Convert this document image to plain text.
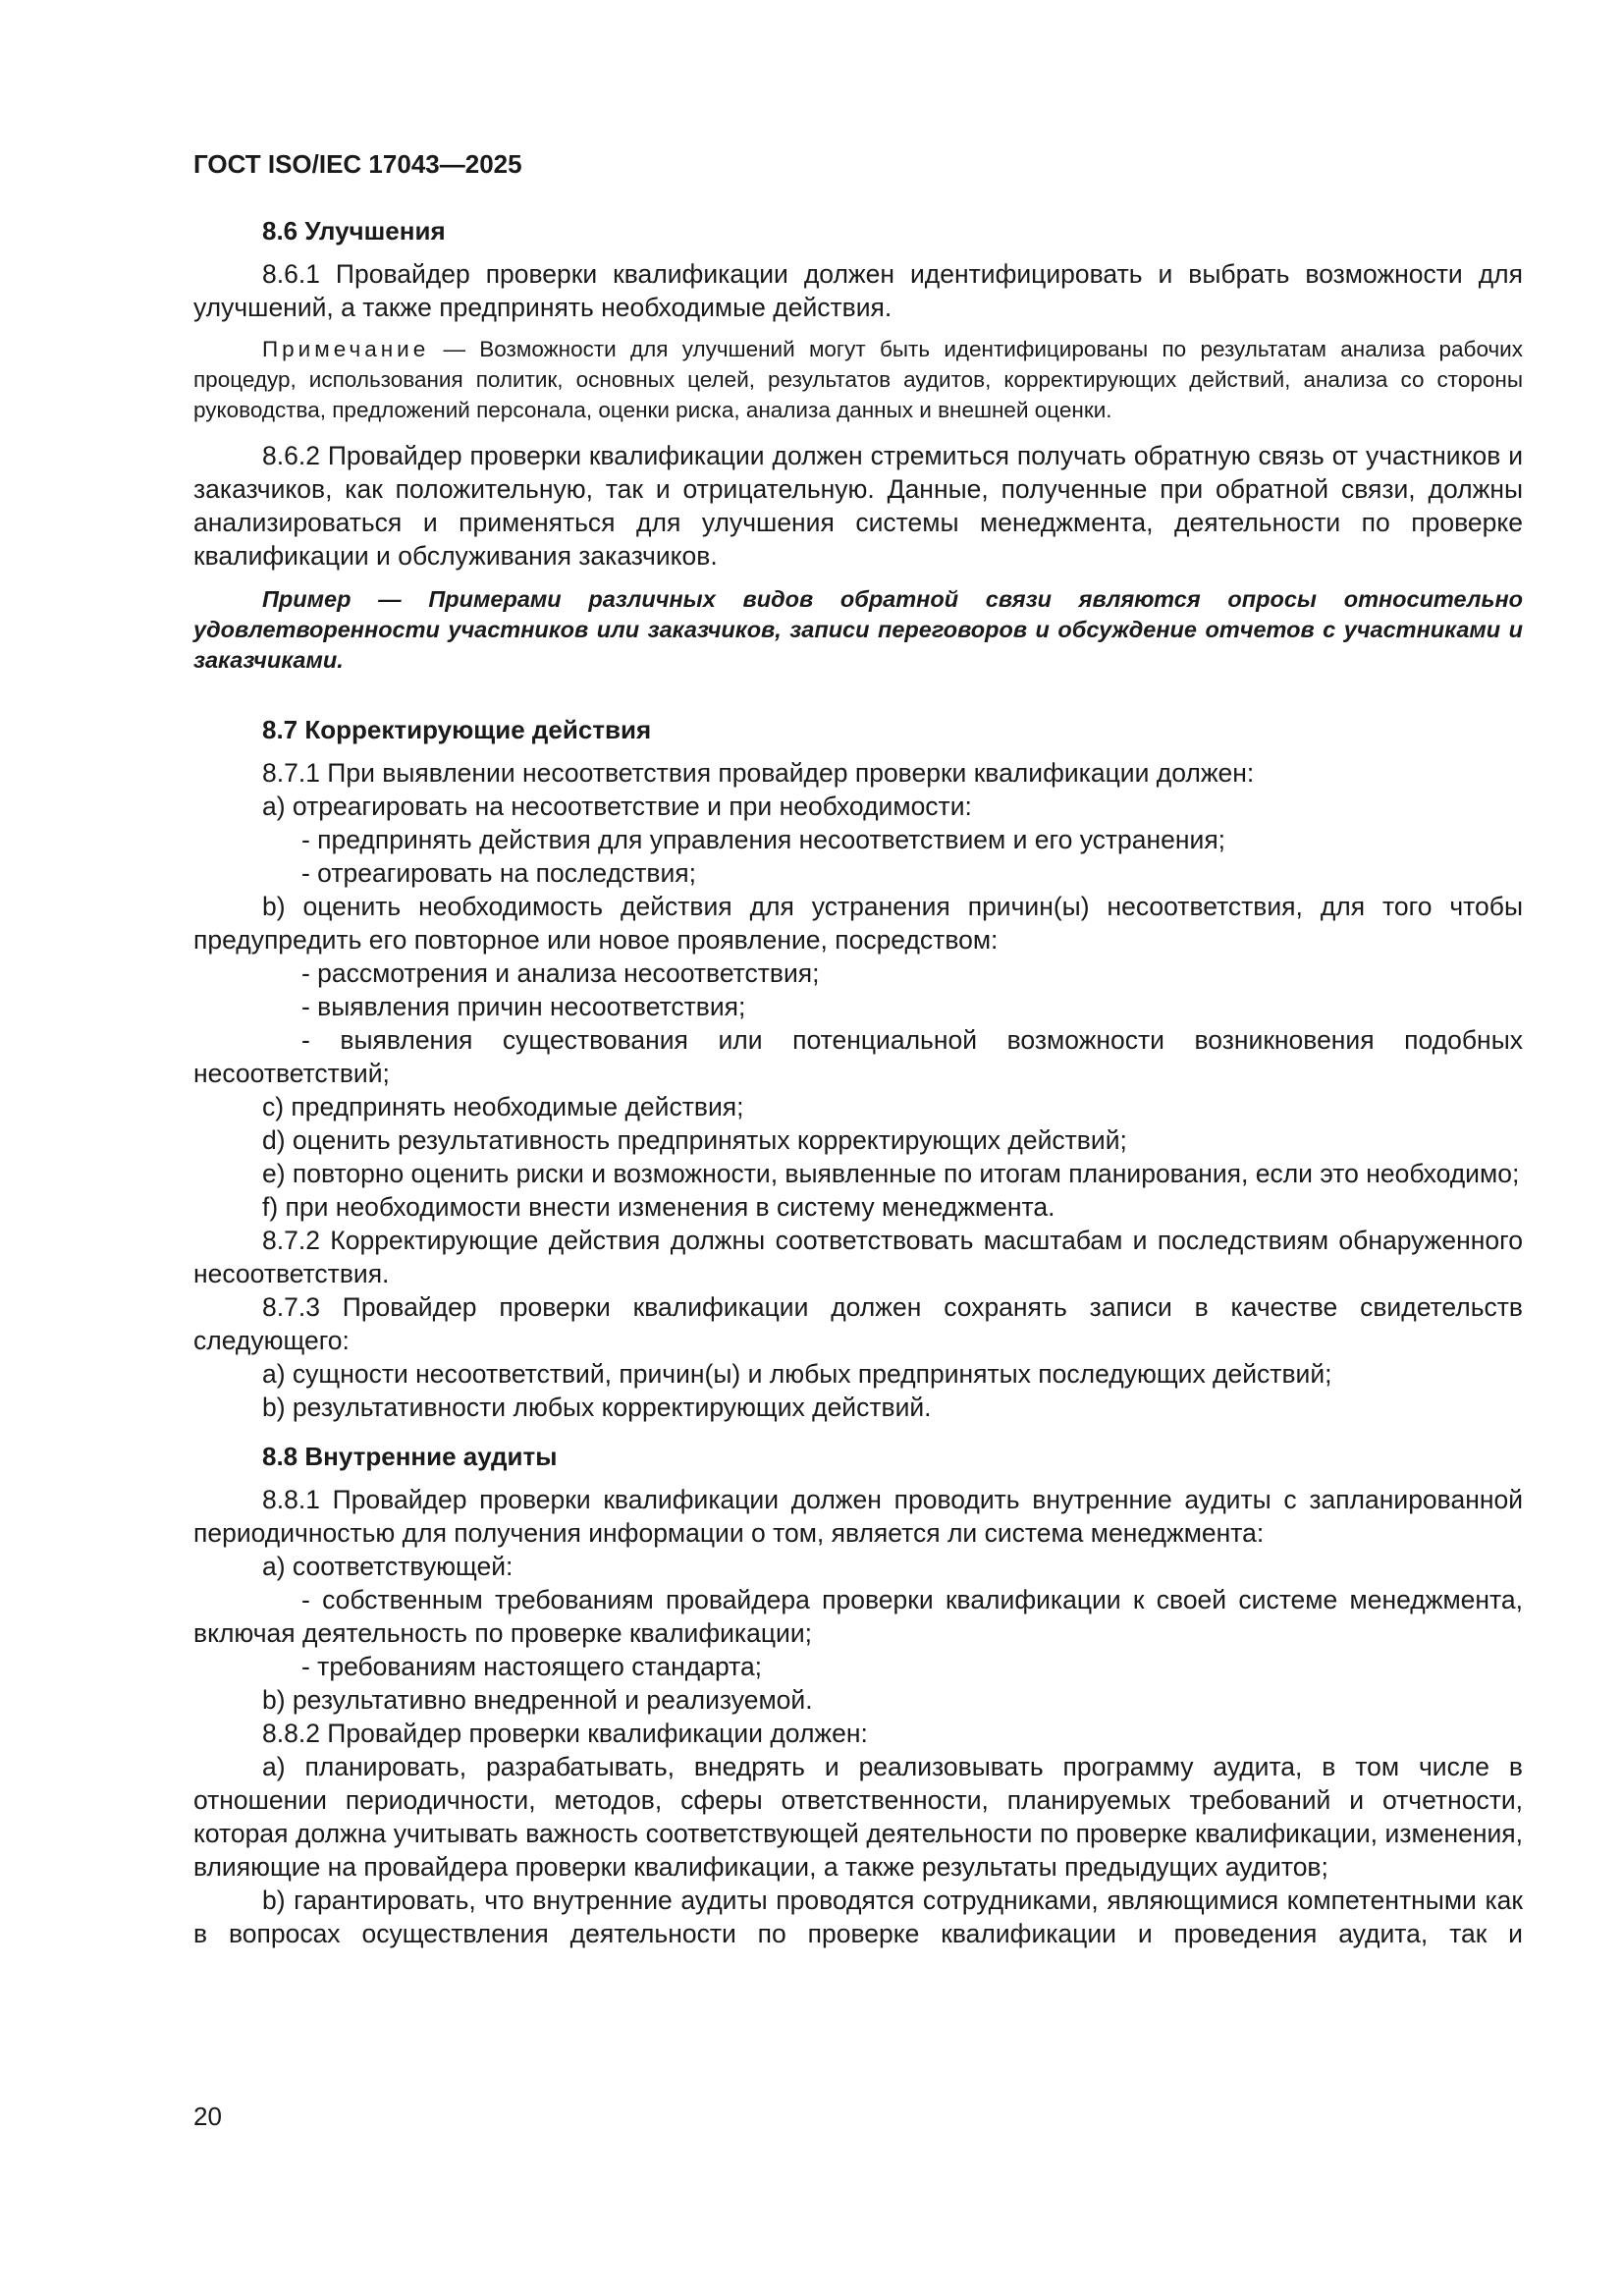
ГОСТ ISO/IEC 17043—2025
8.6 Улучшения

8.6.1 Провайдер проверки квалификации должен идентифицировать и выбрать возможности для улучшений, а также предпринять необходимые действия.

Примечание — Возможности для улучшений могут быть идентифицированы по результатам анализа рабочих процедур, использования политик, основных целей, результатов аудитов, корректирующих действий, анализа со стороны руководства, предложений персонала, оценки риска, анализа данных и внешней оценки.

8.6.2 Провайдер проверки квалификации должен стремиться получать обратную связь от участников и заказчиков, как положительную, так и отрицательную. Данные, полученные при обратной связи, должны анализироваться и применяться для улучшения системы менеджмента, деятельности по проверке квалификации и обслуживания заказчиков.

Пример — Примерами различных видов обратной связи являются опросы относительно удовлетворенности участников или заказчиков, записи переговоров и обсуждение отчетов с участниками и заказчиками.

8.7 Корректирующие действия

8.7.1 При выявлении несоответствия провайдер проверки квалификации должен:

a) отреагировать на несоответствие и при необходимости:

- предпринять действия для управления несоответствием и его устранения;

- отреагировать на последствия;

b) оценить необходимость действия для устранения причин(ы) несоответствия, для того чтобы предупредить его повторное или новое проявление, посредством:

- рассмотрения и анализа несоответствия;

- выявления причин несоответствия;

- выявления существования или потенциальной возможности возникновения подобных несоответствий;

c) предпринять необходимые действия;

d) оценить результативность предпринятых корректирующих действий;

e) повторно оценить риски и возможности, выявленные по итогам планирования, если это необходимо;

f) при необходимости внести изменения в систему менеджмента.

8.7.2 Корректирующие действия должны соответствовать масштабам и последствиям обнаруженного несоответствия.

8.7.3 Провайдер проверки квалификации должен сохранять записи в качестве свидетельств следующего:

a) сущности несоответствий, причин(ы) и любых предпринятых последующих действий;

b) результативности любых корректирующих действий.

8.8 Внутренние аудиты

8.8.1 Провайдер проверки квалификации должен проводить внутренние аудиты с запланированной периодичностью для получения информации о том, является ли система менеджмента:

a) соответствующей:

- собственным требованиям провайдера проверки квалификации к своей системе менеджмента, включая деятельность по проверке квалификации;

- требованиям настоящего стандарта;

b) результативно внедренной и реализуемой.

8.8.2 Провайдер проверки квалификации должен:

a) планировать, разрабатывать, внедрять и реализовывать программу аудита, в том числе в отношении периодичности, методов, сферы ответственности, планируемых требований и отчетности, которая должна учитывать важность соответствующей деятельности по проверке квалификации, изменения, влияющие на провайдера проверки квалификации, а также результаты предыдущих аудитов;

b) гарантировать, что внутренние аудиты проводятся сотрудниками, являющимися компетентными как в вопросах осуществления деятельности по проверке квалификации и проведения аудита, так и

20
